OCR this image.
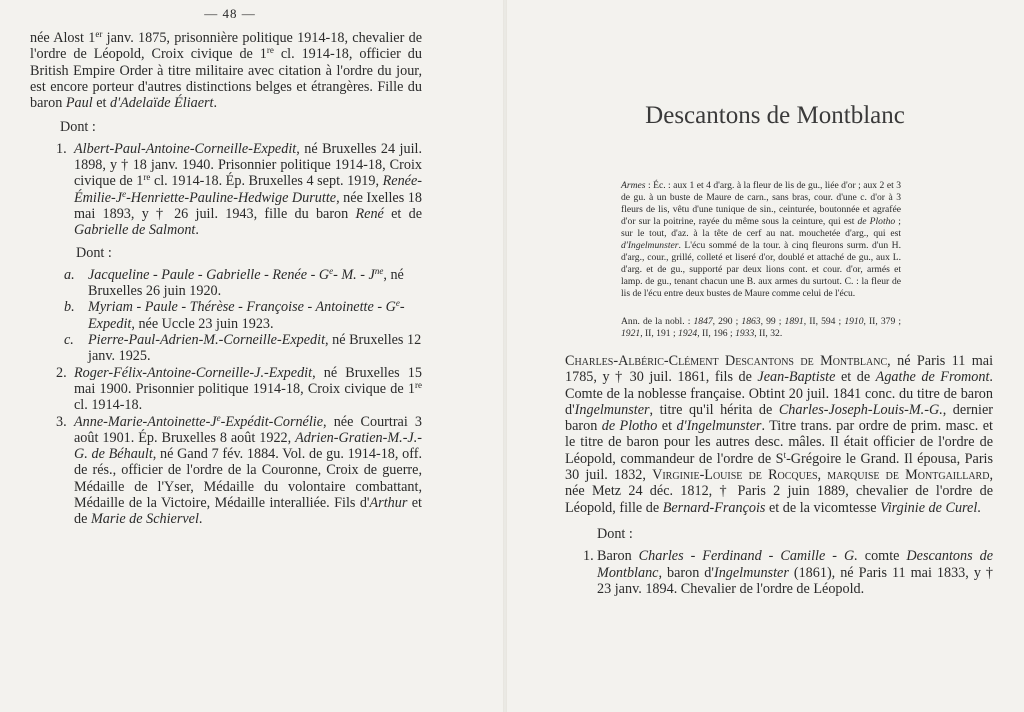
— 48 —

née Alost 1er janv. 1875, prisonnière politique 1914-18, chevalier de l'ordre de Léopold, Croix civique de 1re cl. 1914-18, officier du British Empire Order à titre militaire avec citation à l'ordre du jour, est encore porteur d'autres distinctions belges et étrangères. Fille du baron Paul et d'Adelaïde Éliaert.

Dont :

1. Albert-Paul-Antoine-Corneille-Expedit, né Bruxelles 24 juil. 1898, y † 18 janv. 1940. Prisonnier politique 1914-18, Croix civique de 1re cl. 1914-18. Ép. Bruxelles 4 sept. 1919, Renée-$Émilie-J^e-Henriette-Pauline$-Hedwige Durutte, née Ixelles 18 mai 1893, y † 26 juil. 1943, fille du baron René et de Gabrielle de Salmont.

Dont :

a. Jacqueline - Paule - Gabrielle - Renée - $G^e-$ M. - $J^{ne}$, né Bruxelles 26 juin 1920.

b. Myriam - Paule - Thérèse - Françoise - Antoinette - $G^e-$ Expedit, née Uccle 23 juin 1923.

c. Pierre-Paul-Adrien-M.-Corneille-Expedit, né Bruxelles 12 janv. 1925.

2. Roger-Félix-Antoine-Corneille-J.-Expedit, né Bruxelles 15 mai 1900. Prisonnier politique 1914-18, Croix civique de 1re cl. 1914-18.

3. Anne-$Marie-Antoinette-J^e-Expédit$-Cornélie, née Courtrai 3 août 1901. Ép. Bruxelles 8 août 1922, Adrien-Gratien-M.-J.-G. de Béhault, né Gand 7 fév. 1884. Vol. de gu. 1914-18, off. de rés., officier de l'ordre de la Couronne, Croix de guerre, Médaille de l'Yser, Médaille du volontaire combattant, Médaille de la Victoire, Médaille interalliée. Fils d'Arthur et de Marie de Schiervel.

Descantons de Montblanc

Armes : Éc. : aux 1 et 4 d'arg. à la fleur de lis de gu., liée d'or ; aux 2 et 3 de gu. à un buste de Maure de carn., sans bras, cour. d'une c. d'or à 3 fleurs de lis, vêtu d'une tunique de sin., ceinturée, boutonnée et agrafée d'or sur la poitrine, rayée du même sous la ceinture, qui est de Plotho ; sur le tout, d'az. à la tête de cerf au nat. mouchetée d'arg., qui est d'Ingelmunster. L'écu sommé de la tour. à cinq fleurons surm. d'un H. d'arg., cour., grillé, colleté et liseré d'or, doublé et attaché de gu., aux L. d'arg. et de gu., supporté par deux lions cont. et cour. d'or, armés et lamp. de gu., tenant chacun une B. aux armes du surtout. C. : la fleur de lis de l'écu entre deux bustes de Maure comme celui de l'écu.

Ann. de la nobl. : 1847, 290 ; 1863, 99 ; 1891, II, 594 ; 1910, II, 379 ; 1921, II, 191 ; 1924, II, 196 ; 1933, II, 32.

Charles-Albéric-Clément Descantons de Montblanc, né Paris 11 mai 1785, y † 30 juil. 1861, fils de Jean-Baptiste et de Agathe de Fromont. Comte de la noblesse française. Obtint 20 juil. 1841 conc. du titre de baron d'Ingelmunster, titre qu'il hérita de Charles-Joseph-Louis-M.-G., dernier baron de Plotho et d'Ingelmunster. Titre trans. par ordre de prim. masc. et le titre de baron pour les autres desc. mâles. Il était officier de l'ordre de Léopold, commandeur de l'ordre de $S^t$-Grégoire le Grand. Il épousa, Paris 30 juil. 1832, Virginie-Louise de Rocques, marquise de Montgaillard, née Metz 24 déc. 1812, † Paris 2 juin 1889, chevalier de l'ordre de Léopold, fille de Bernard-François et de la vicomtesse Virginie de Curel.

Dont :

1. Baron Charles - Ferdinand - Camille - G. comte Descantons de Montblanc, baron d'Ingelmunster (1861), né Paris 11 mai 1833, y † 23 janv. 1894. Chevalier de l'ordre de Léopold.
